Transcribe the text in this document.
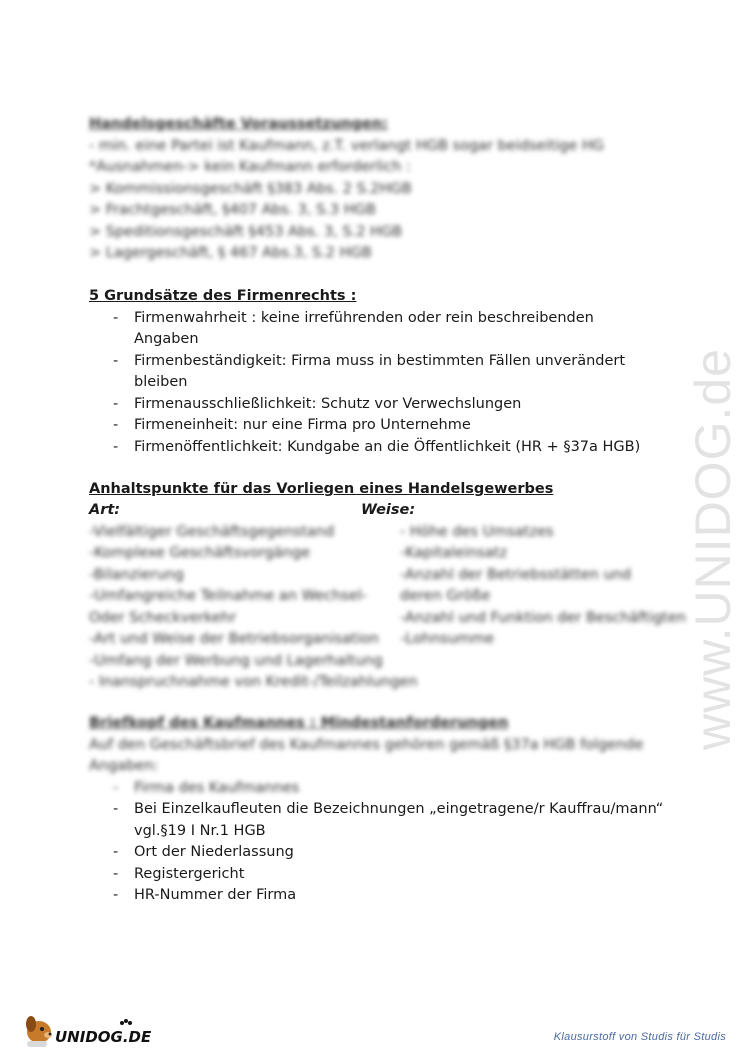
Handelsgeschäfte Voraussetzungen:
- min. eine Partei ist Kaufmann, z.T. verlangt HGB sogar beidseitige HG
*Ausnahmen-> kein Kaufmann erforderlich :
> Kommissionsgeschäft §383 Abs. 2 S.2HGB
> Frachtgeschäft, §407 Abs. 3, S.3 HGB
> Speditionsgeschäft §453 Abs. 3, S.2 HGB
> Lagergeschäft, § 467 Abs.3, S.2 HGB
5 Grundsätze des Firmenrechts :
- Firmenwahrheit : keine irreführenden oder rein beschreibenden Angaben
- Firmenbeständigkeit: Firma muss in bestimmten Fällen unverändert bleiben
- Firmenausschließlichkeit: Schutz vor Verwechslungen
- Firmeneinheit: nur eine Firma pro Unternehme
- Firmenöffentlichkeit: Kundgabe an die Öffentlichkeit (HR + §37a HGB)
Anhaltspunkte für das Vorliegen eines Handelsgewerbes
Art:	Weise:
-Vielfältiger Geschäftsgegenstand
-Komplexe Geschäftsvorgänge
-Bilanzierung
-Umfangreiche Teilnahme an Wechsel-
Oder Scheckverkehr
-Art und Weise der Betriebsorganisation
-Umfang der Werbung und Lagerhaltung
- Inanspruchnahme von Kredit-/Teilzahlungen
- Höhe des Umsatzes
-Kapitaleinsatz
-Anzahl der Betriebsstätten und
deren Größe
-Anzahl und Funktion der Beschäftigten
-Lohnsumme
Briefkopf des Kaufmannes : Mindestanforderungen
Auf den Geschäftsbrief des Kaufmannes gehören gemäß §37a HGB folgende
Angaben:
- Firma des Kaufmannes
- Bei Einzelkaufleuten die Bezeichnungen „eingetragene/r Kauffrau/mann“ vgl.§19 I Nr.1 HGB
- Ort der Niederlassung
- Registergericht
- HR-Nummer der Firma
www.UNIDOG.de
UNIDOG.DE	Klausurstoff von Studis für Studis
